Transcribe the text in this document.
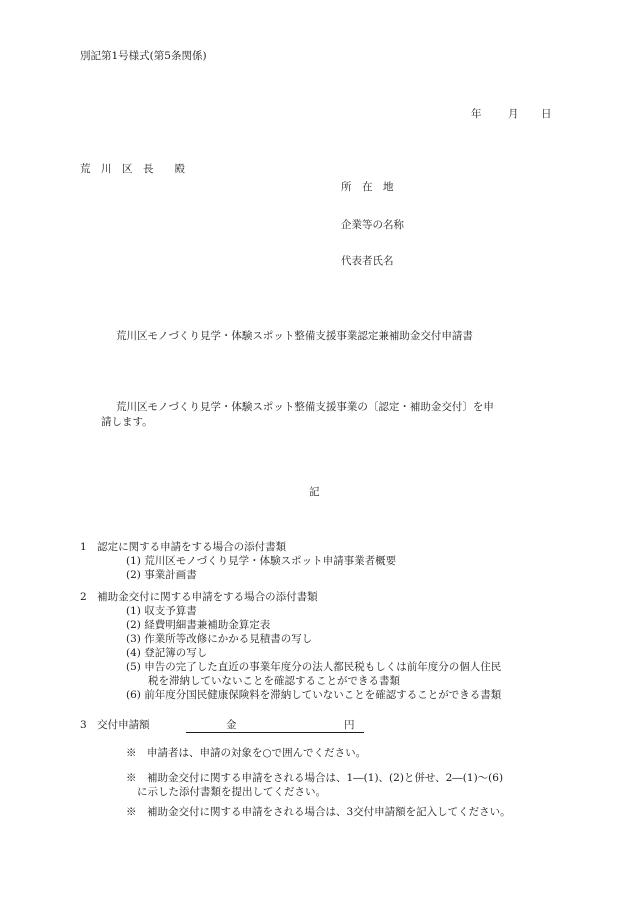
別記第1号様式(第5条関係)
年	月 日
荒　川　区　長　　殿
所　在　地
企業等の名称
代表者氏名
荒川区モノづくり見学・体験スポット整備支援事業認定兼補助金交付申請書
荒川区モノづくり見学・体験スポット整備支援事業の〔認定・補助金交付〕を申
請します。
記
1　認定に関する申請をする場合の添付書類
(1) 荒川区モノづくり見学・体験スポット申請事業者概要
(2) 事業計画書
2　補助金交付に関する申請をする場合の添付書類
(1) 収支予算書
(2) 経費明細書兼補助金算定表
(3) 作業所等改修にかかる見積書の写し
(4) 登記簿の写し
(5) 申告の完了した直近の事業年度分の法人都民税もしくは前年度分の個人住民
税を滞納していないことを確認することができる書類
(6) 前年度分国民健康保険料を滞納していないことを確認することができる書類
3　交付申請額	金	円
※　申請者は、申請の対象を○で囲んでください。
※　補助金交付に関する申請をされる場合は、1―(1)、(2)と併せ、2―(1)～(6)
に示した添付書類を提出してください。
※　補助金交付に関する申請をされる場合は、3交付申請額を記入してください。
